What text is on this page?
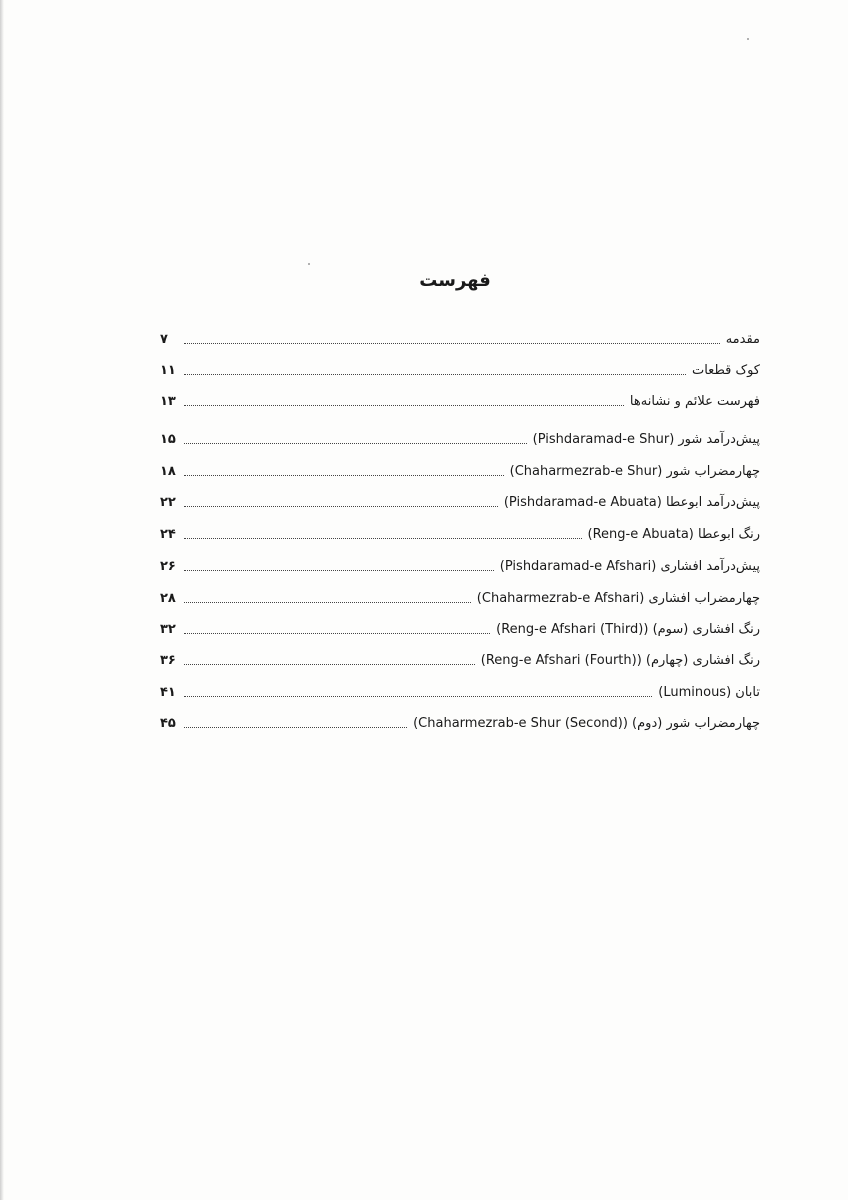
فهرست
مقدمه
۷
کوک قطعات
۱۱
فهرست علائم و نشانه‌ها
۱۳
پیش‌درآمد شور (Pishdaramad-e Shur)
۱۵
چهارمضراب شور (Chaharmezrab-e Shur)
۱۸
پیش‌درآمد ابوعطا (Pishdaramad-e Abuata)
۲۲
رنگ ابوعطا (Reng-e Abuata)
۲۴
پیش‌درآمد افشاری (Pishdaramad-e Afshari)
۲۶
چهارمضراب افشاری (Chaharmezrab-e Afshari)
۲۸
رنگ افشاری (سوم) (Reng-e Afshari (Third))
۳۲
رنگ افشاری (چهارم) (Reng-e Afshari (Fourth))
۳۶
تابان (Luminous)
۴۱
چهارمضراب شور (دوم) (Chaharmezrab-e Shur (Second))
۴۵
